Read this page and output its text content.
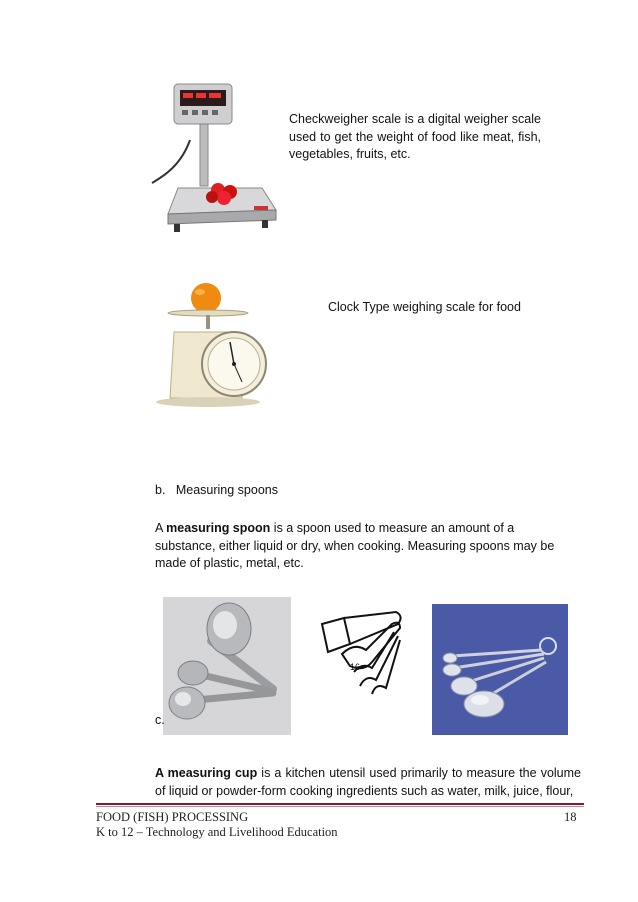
Checkweigher scale is a digital weigher scale used to get the weight of food like meat, fish, vegetables, fruits, etc.
Clock Type weighing scale for food
b.   Measuring spoons
A measuring spoon is a spoon used to measure an amount of a substance, either liquid or dry, when cooking. Measuring spoons may be made of plastic, metal, etc.
16
c.
A measuring cup is a kitchen utensil used primarily to measure the volume of liquid or powder-form cooking ingredients such as water, milk, juice, flour,
FOOD (FISH) PROCESSING
K to 12 – Technology and Livelihood Education
18
